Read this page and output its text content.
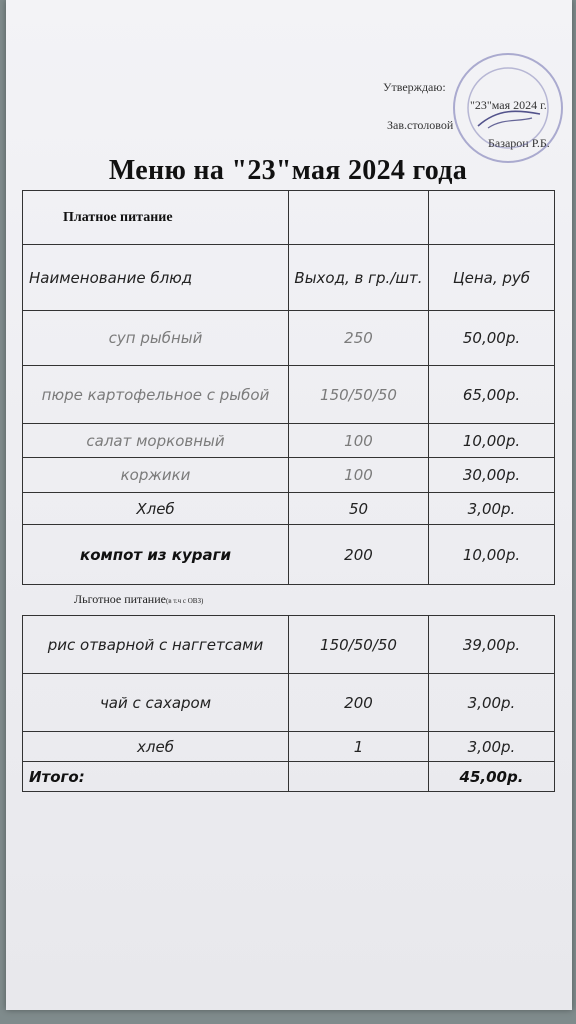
Утверждаю:
"23"мая 2024 г.
Зав.столовой
Базарон Р.Б.
Меню на "23"мая 2024 года
Платное питание		
Наименование блюд	Выход, в гр./шт.	Цена, руб
суп рыбный	250	50,00р.
пюре картофельное с рыбой	150/50/50	65,00р.
салат морковный	100	10,00р.
коржики	100	30,00р.
Хлеб	50	3,00р.
компот из кураги	200	10,00р.
Льготное питание(в т.ч с ОВЗ)
рис отварной с наггетсами	150/50/50	39,00р.
чай с сахаром	200	3,00р.
хлеб	1	3,00р.
Итого:		45,00р.
